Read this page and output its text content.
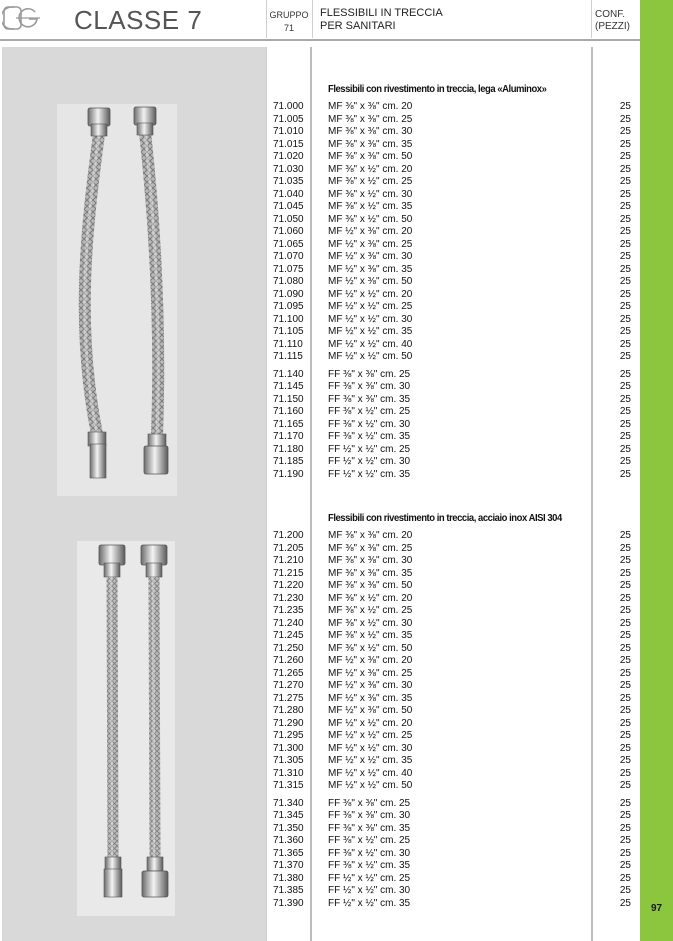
CLASSE 7	GRUPPO
71
FLESSIBILI IN TRECCIA
PER SANITARI
CONF.
(PEZZI)
97
Flessibili con rivestimento in treccia, lega «Aluminox»
71.000	MF ⅜" x ⅜" cm. 20	25
71.005	MF ⅜" x ⅜" cm. 25	25
71.010	MF ⅜" x ⅜" cm. 30	25
71.015	MF ⅜" x ⅜" cm. 35	25
71.020	MF ⅜" x ⅜" cm. 50	25
71.030	MF ⅜" x ½" cm. 20	25
71.035	MF ⅜" x ½" cm. 25	25
71.040	MF ⅜" x ½" cm. 30	25
71.045	MF ⅜" x ½" cm. 35	25
71.050	MF ⅜" x ½" cm. 50	25
71.060	MF ½" x ⅜" cm. 20	25
71.065	MF ½" x ⅜" cm. 25	25
71.070	MF ½" x ⅜" cm. 30	25
71.075	MF ½" x ⅜" cm. 35	25
71.080	MF ½" x ⅜" cm. 50	25
71.090	MF ½" x ½" cm. 20	25
71.095	MF ½" x ½" cm. 25	25
71.100	MF ½" x ½" cm. 30	25
71.105	MF ½" x ½" cm. 35	25
71.110	MF ½" x ½" cm. 40	25
71.115	MF ½" x ½" cm. 50	25
71.140	FF ⅜" x ⅜" cm. 25	25
71.145	FF ⅜" x ⅜" cm. 30	25
71.150	FF ⅜" x ⅜" cm. 35	25
71.160	FF ⅜" x ½" cm. 25	25
71.165	FF ⅜" x ½" cm. 30	25
71.170	FF ⅜" x ½" cm. 35	25
71.180	FF ½" x ½" cm. 25	25
71.185	FF ½" x ½" cm. 30	25
71.190	FF ½" x ½" cm. 35	25
Flessibili con rivestimento in treccia, acciaio inox AISI 304
71.200	MF ⅜" x ⅜" cm. 20	25
71.205	MF ⅜" x ⅜" cm. 25	25
71.210	MF ⅜" x ⅜" cm. 30	25
71.215	MF ⅜" x ⅜" cm. 35	25
71.220	MF ⅜" x ⅜" cm. 50	25
71.230	MF ⅜" x ½" cm. 20	25
71.235	MF ⅜" x ½" cm. 25	25
71.240	MF ⅜" x ½" cm. 30	25
71.245	MF ⅜" x ½" cm. 35	25
71.250	MF ⅜" x ½" cm. 50	25
71.260	MF ½" x ⅜" cm. 20	25
71.265	MF ½" x ⅜" cm. 25	25
71.270	MF ½" x ⅜" cm. 30	25
71.275	MF ½" x ⅜" cm. 35	25
71.280	MF ½" x ⅜" cm. 50	25
71.290	MF ½" x ½" cm. 20	25
71.295	MF ½" x ½" cm. 25	25
71.300	MF ½" x ½" cm. 30	25
71.305	MF ½" x ½" cm. 35	25
71.310	MF ½" x ½" cm. 40	25
71.315	MF ½" x ½" cm. 50	25
71.340	FF ⅜" x ⅜" cm. 25	25
71.345	FF ⅜" x ⅜" cm. 30	25
71.350	FF ⅜" x ⅜" cm. 35	25
71.360	FF ⅜" x ½" cm. 25	25
71.365	FF ⅜" x ½" cm. 30	25
71.370	FF ⅜" x ½" cm. 35	25
71.380	FF ½" x ½" cm. 25	25
71.385	FF ½" x ½" cm. 30	25
71.390	FF ½" x ½" cm. 35	25
